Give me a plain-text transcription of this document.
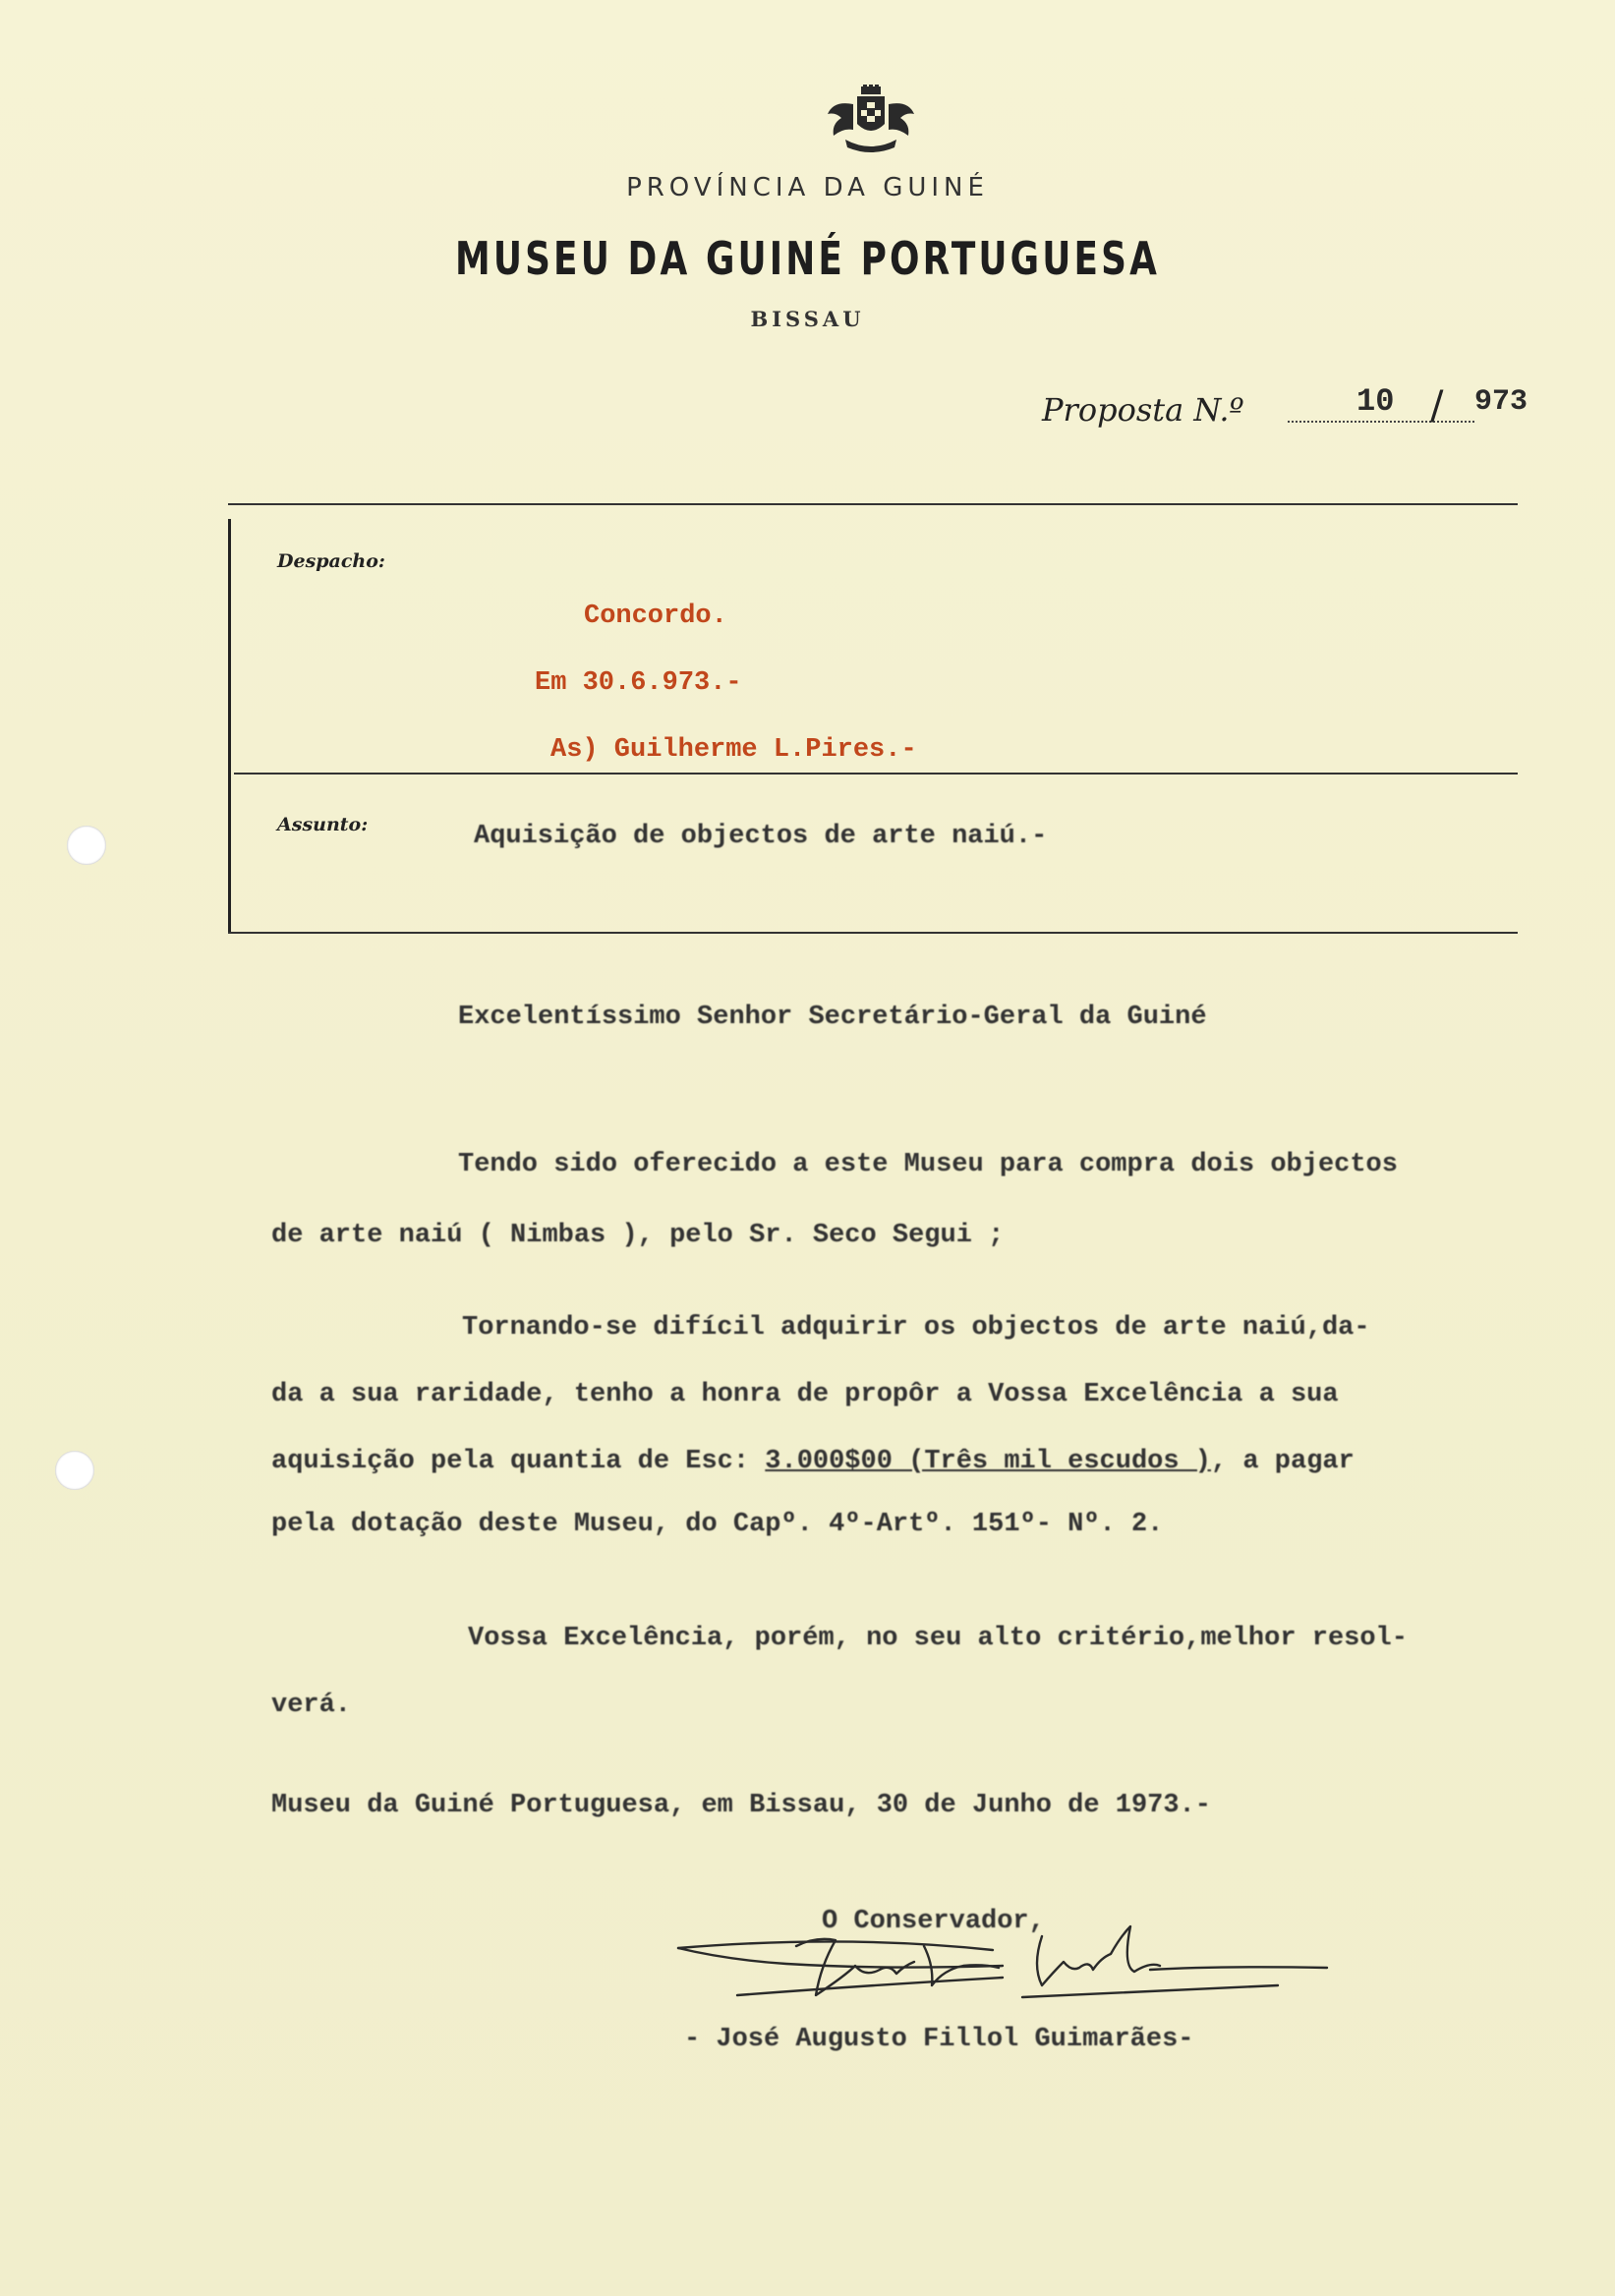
PROVÍNCIA DA GUINÉ
MUSEU DA GUINÉ PORTUGUESA
BISSAU
Proposta N.º	10 / 973
Despacho:
Concordo.
Em 30.6.973.-
As) Guilherme L.Pires.-
Assunto:	Aquisição de objectos de arte naiú.-
Excelentíssimo Senhor Secretário-Geral da Guiné
Tendo sido oferecido a este Museu para compra dois objectos
de arte naiú ( Nimbas ), pelo Sr. Seco Segui ;
Tornando-se difícil adquirir os objectos de arte naiú,da-
da a sua raridade, tenho a honra de propôr a Vossa Excelência a sua
aquisição pela quantia de Esc: 3.000$00 (Três mil escudos ), a pagar
pela dotação deste Museu, do Capº. 4º-Artº. 151º- Nº. 2.
Vossa Excelência, porém, no seu alto critério,melhor resol-
verá.
Museu da Guiné Portuguesa, em Bissau, 30 de Junho de 1973.-
O Conservador,
- José Augusto Fillol Guimarães-
